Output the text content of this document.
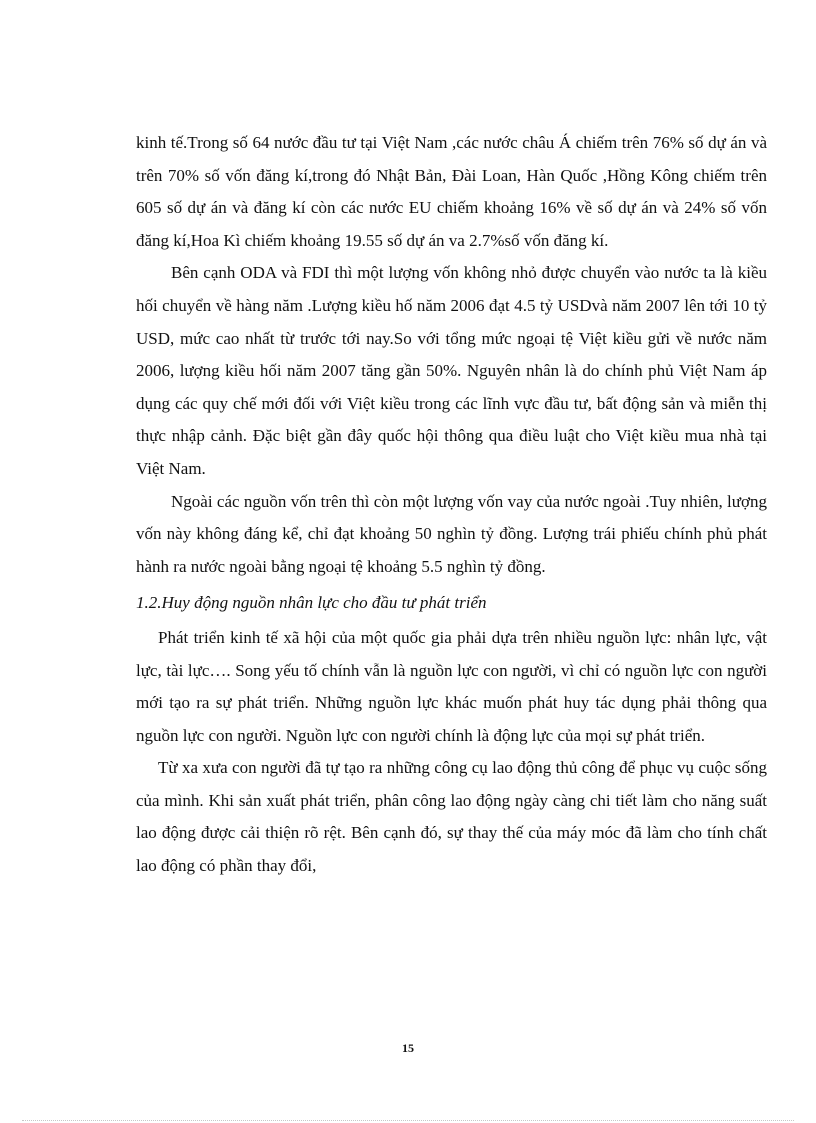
kinh tế.Trong số 64 nước đầu tư tại Việt Nam ,các nước châu Á chiếm trên 76% số dự án và trên 70% số vốn đăng kí,trong đó Nhật Bản, Đài Loan, Hàn Quốc ,Hồng Kông chiếm trên 605 số dự án và đăng kí còn các nước EU chiếm khoảng 16% về số dự án và 24% số vốn đăng kí,Hoa Kì chiếm khoảng 19.55 số dự án va 2.7%số vốn đăng kí.

Bên cạnh ODA và FDI thì một lượng vốn không nhỏ được chuyển vào nước ta là kiều hối chuyển về hàng năm .Lượng kiều hố năm 2006 đạt 4.5 tỷ USDvà năm 2007 lên tới 10 tỷ USD, mức cao nhất từ trước tới nay.So với tổng mức ngoại tệ Việt kiều gửi về nước năm 2006, lượng kiều hối năm 2007 tăng gần 50%. Nguyên nhân là do chính phủ Việt Nam áp dụng các quy chế mới đối với Việt kiều trong các lĩnh vực đầu tư, bất động sản và miễn thị thực nhập cảnh. Đặc biệt gần đây quốc hội thông qua điều luật cho Việt kiều mua nhà tại Việt Nam.

Ngoài các nguồn vốn trên thì còn một lượng vốn vay của nước ngoài .Tuy nhiên, lượng vốn này không đáng kể, chỉ đạt khoảng 50 nghìn tỷ đồng. Lượng trái phiếu chính phủ phát hành ra nước ngoài bằng ngoại tệ khoảng 5.5 nghìn tỷ đồng.

1.2.Huy động nguồn nhân lực cho đầu tư phát triển

Phát triển kinh tế xã hội của một quốc gia phải dựa trên nhiều nguồn lực: nhân lực, vật lực, tài lực…. Song yếu tố chính vẫn là nguồn lực con người, vì chỉ có nguồn lực con người mới tạo ra sự phát triển. Những nguồn lực khác muốn phát huy tác dụng phải thông qua nguồn lực con người. Nguồn lực con người chính là động lực của mọi sự phát triển.

Từ xa xưa con người đã tự tạo ra những công cụ lao động thủ công để phục vụ cuộc sống của mình. Khi sản xuất phát triển, phân công lao động ngày càng chi tiết làm cho năng suất lao động được cải thiện rõ rệt. Bên cạnh đó, sự thay thế của máy móc đã làm cho tính chất lao động có phần thay đổi,

15
